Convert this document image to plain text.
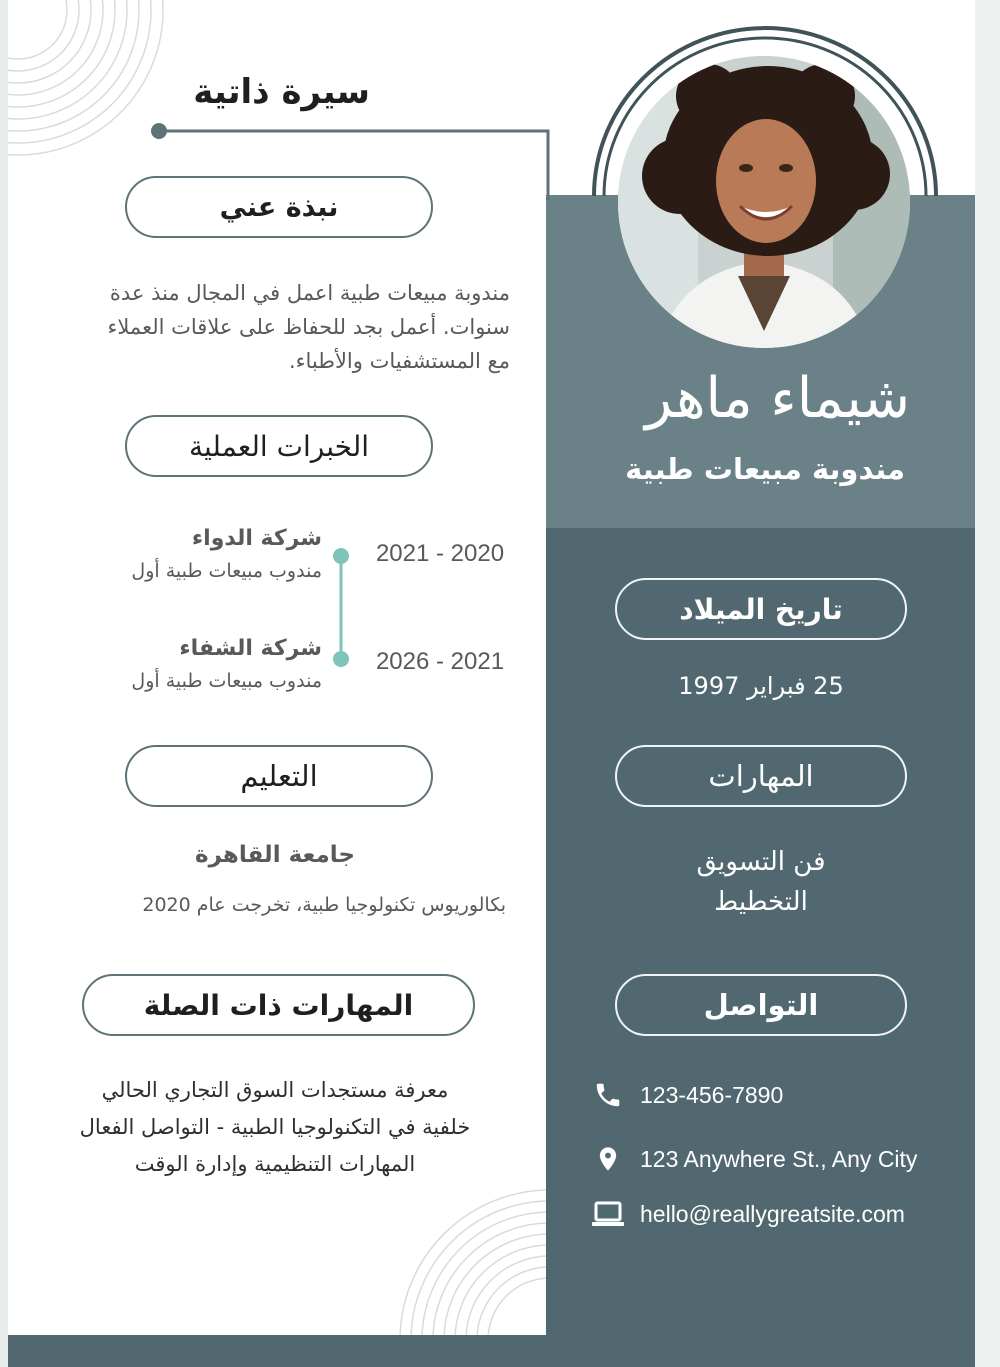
سيرة ذاتية
نبذة عني
مندوبة مبيعات طبية اعمل في المجال منذ عدة
سنوات. أعمل بجد للحفاظ على علاقات العملاء
مع المستشفيات والأطباء.
الخبرات العملية
شركة الدواء
مندوب مبيعات طبية أول
2020 - 2021
شركة الشفاء
مندوب مبيعات طبية أول
2021 - 2026
التعليم
جامعة القاهرة
بكالوريوس تكنولوجيا طبية، تخرجت عام 2020
المهارات ذات الصلة
معرفة مستجدات السوق التجاري الحالي
خلفية في التكنولوجيا الطبية - التواصل الفعال
المهارات التنظيمية وإدارة الوقت
شيماء ماهر
مندوبة مبيعات طبية
تاريخ الميلاد
25 فبراير 1997
المهارات
فن التسويق
التخطيط
التواصل
123-456-7890
123 Anywhere St., Any City
hello@reallygreatsite.com
